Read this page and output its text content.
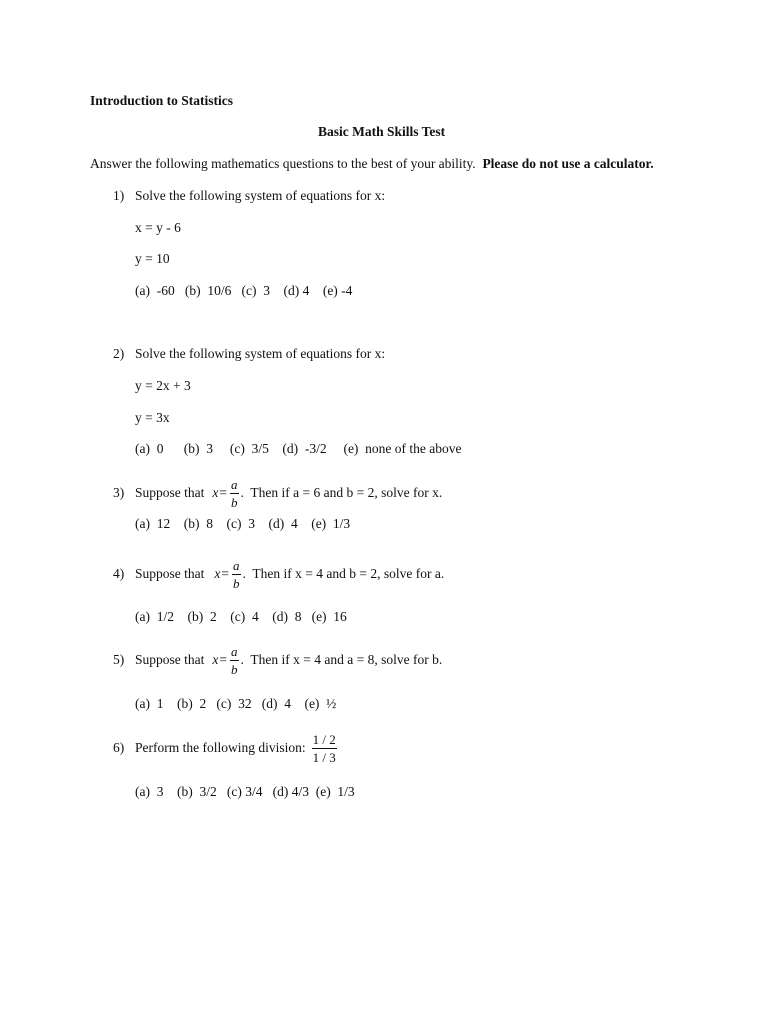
Introduction to Statistics
Basic Math Skills Test
Answer the following mathematics questions to the best of your ability. Please do not use a calculator.
1) Solve the following system of equations for x:
x = y - 6
y = 10
(a)  -60   (b)  10/6   (c)  3    (d) 4    (e) -4
2) Solve the following system of equations for x:
y = 2x + 3
y = 3x
(a)  0      (b)  3     (c)  3/5    (d)  -3/2     (e)  none of the above
3) Suppose that $x = \frac{a}{b}$ .  Then if a = 6 and b = 2, solve for x.
(a)  12    (b)  8    (c)  3    (d)  4    (e)  1/3
4) Suppose that $x = \frac{a}{b}$ .  Then if x = 4 and b = 2, solve for a.
(a)  1/2    (b)  2    (c)  4    (d)  8   (e)  16
5) Suppose that $x = \frac{a}{b}$ .  Then if x = 4 and a = 8, solve for b.
(a)  1    (b)  2   (c)  32   (d)  4    (e)  ½
6) Perform the following division: $\frac{1 / 2}{1 / 3}$
(a)  3    (b)  3/2   (c) 3/4   (d) 4/3  (e)  1/3
